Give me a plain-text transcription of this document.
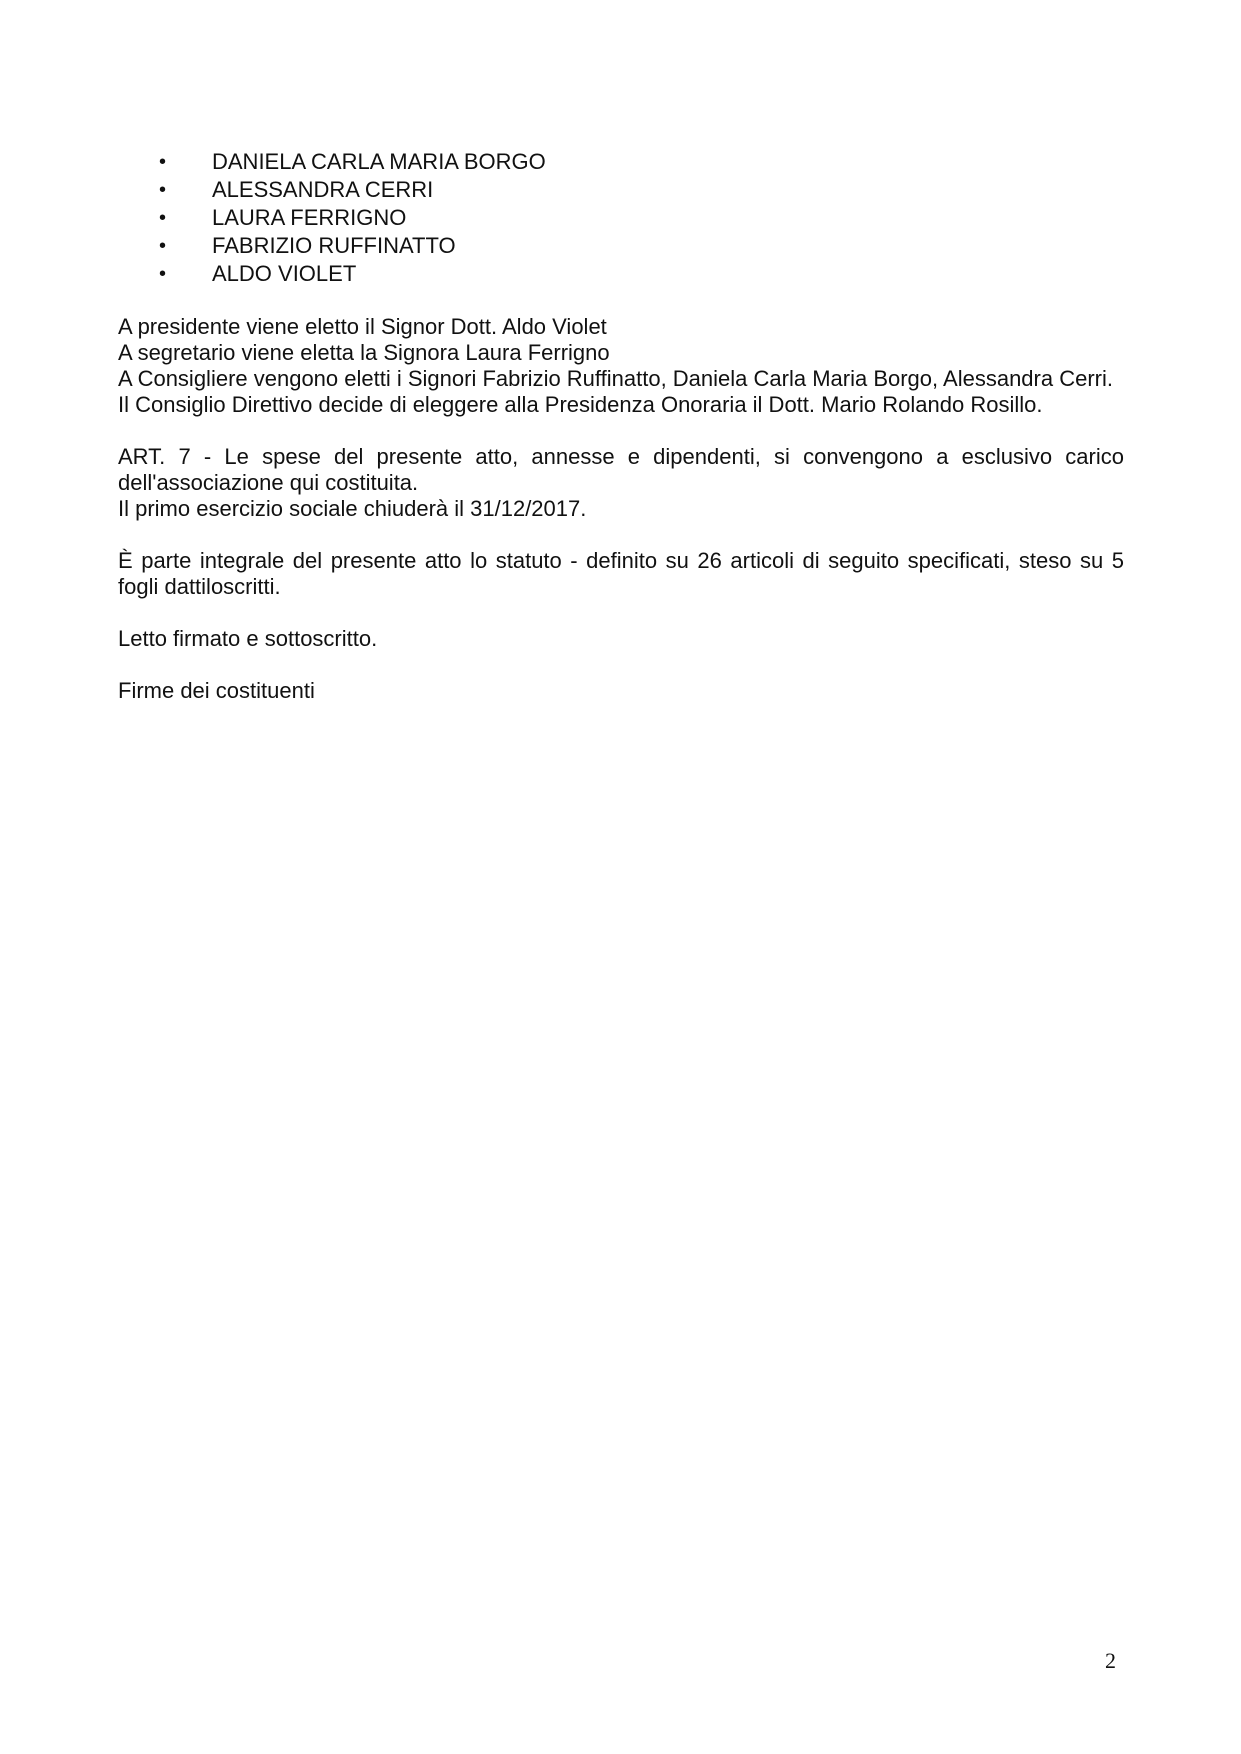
• DANIELA CARLA MARIA BORGO
• ALESSANDRA CERRI
• LAURA FERRIGNO
• FABRIZIO RUFFINATTO
• ALDO VIOLET

A presidente viene eletto il Signor Dott. Aldo Violet

A segretario viene eletta la Signora Laura Ferrigno

A Consigliere vengono eletti i Signori Fabrizio Ruffinatto, Daniela Carla Maria Borgo, Alessandra Cerri.

Il Consiglio Direttivo decide di eleggere alla Presidenza Onoraria il Dott. Mario Rolando Rosillo.

ART. 7 - Le spese del presente atto, annesse e dipendenti, si convengono a esclusivo carico dell'associazione qui costituita.

Il primo esercizio sociale chiuderà il 31/12/2017.

È parte integrale del presente atto lo statuto - definito su 26 articoli di seguito specificati, steso su 5 fogli dattiloscritti.

Letto firmato e sottoscritto.

Firme dei costituenti

2
